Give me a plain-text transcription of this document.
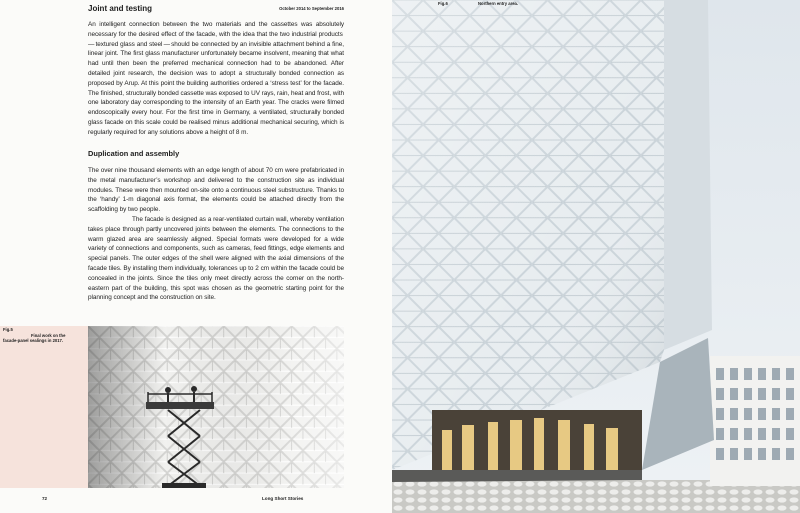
Joint and testing	October 2014 to September 2016

An intelligent connection between the two materials and the cassettes was absolutely necessary for the desired effect of the facade, with the idea that the two industrial products — textured glass and steel — should be connected by an invisible attachment behind a fine, linear joint. The first glass manufacturer unfortunately became insolvent, meaning that what had until then been the preferred mechanical connection had to be abandoned. After detailed joint research, the decision was to adopt a structurally bonded connection as proposed by Arup. At this point the building authorities ordered a ‘stress test’ for the facade. The finished, structurally bonded cassette was exposed to UV rays, rain, heat and frost, with one laboratory day corresponding to the intensity of an Earth year. The cracks were filmed endoscopically every hour. For the first time in Germany, a ventilated, structurally bonded glass facade on this scale could be realised minus additional mechanical securing, which is regularly required for any solutions above a height of 8 m.

Duplication and assembly

The over nine thousand elements with an edge length of about 70 cm were prefabricated in the metal manufacturer’s workshop and delivered to the construction site as individual modules. These were then mounted on-site onto a continuous steel substructure. Thanks to the ‘handy’ 1-m diagonal axis format, the elements could be attached directly from the scaffolding by two people.

The facade is designed as a rear-ventilated curtain wall, whereby ventilation takes place through partly uncovered joints between the elements. The connections to the warm glazed area are seamlessly aligned. Special formats were developed for a wide variety of connections and components, such as cameras, feed fittings, edge elements and special panels. The outer edges of the shell were aligned with the axial dimensions of the facade tiles. By installing them individually, tolerances up to 2 cm within the facade could be concealed in the joints. Since the tiles only meet directly across the corner on the north-eastern part of the building, this spot was chosen as the geometric starting point for the planning concept and the construction on site.

Fig.5
Final work on the
facade-panel sealings in 2017.
72	Long Short Stories
Fig.6	Northern entry area.
